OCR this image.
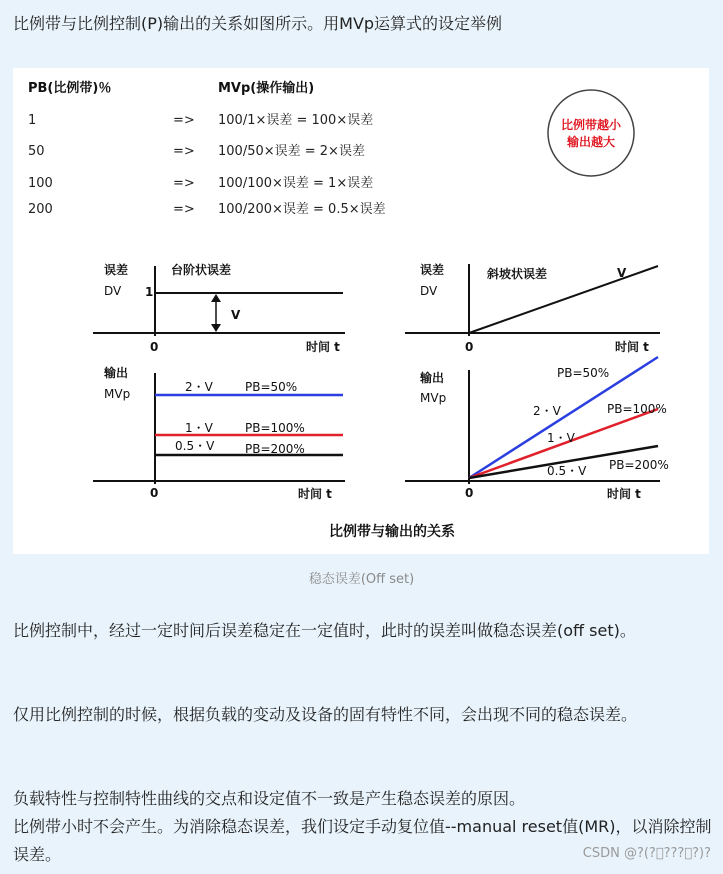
比例带与比例控制(P)输出的关系如图所示。用MVp运算式的设定举例
PB(比例带)％	MVp(操作输出)
1	=> 100/1×误差 = 100×误差
50	=> 100/50×误差 = 2×误差
100	=> 100/100×误差 = 1×误差
200	=> 100/200×误差 = 0.5×误差
比例带越小
输出越大
误差
DV 1
台阶状误差
V
0	时间 t
输出
MVp	2・V	PB=50%
1・V	PB=100%
0.5・V	PB=200%
0	时间 t
误差
DV
斜坡状误差	V
0	时间 t
输出
MVp
2・V
PB=50%
1・V
PB=100%
0.5・V PB=200%
0	时间 t
比例带与输出的关系
稳态误差(Off set)

比例控制中，经过一定时间后误差稳定在一定值时，此时的误差叫做稳态误差(off set)。

仅用比例控制的时候，根据负载的变动及设备的固有特性不同，会出现不同的稳态误差。

负载特性与控制特性曲线的交点和设定值不一致是产生稳态误差的原因。

比例带小时不会产生。为消除稳态误差，我们设定手动复位值--manual reset值(MR)，以消除控制误差。	CSDN @?(?⃝???⃝?)?
